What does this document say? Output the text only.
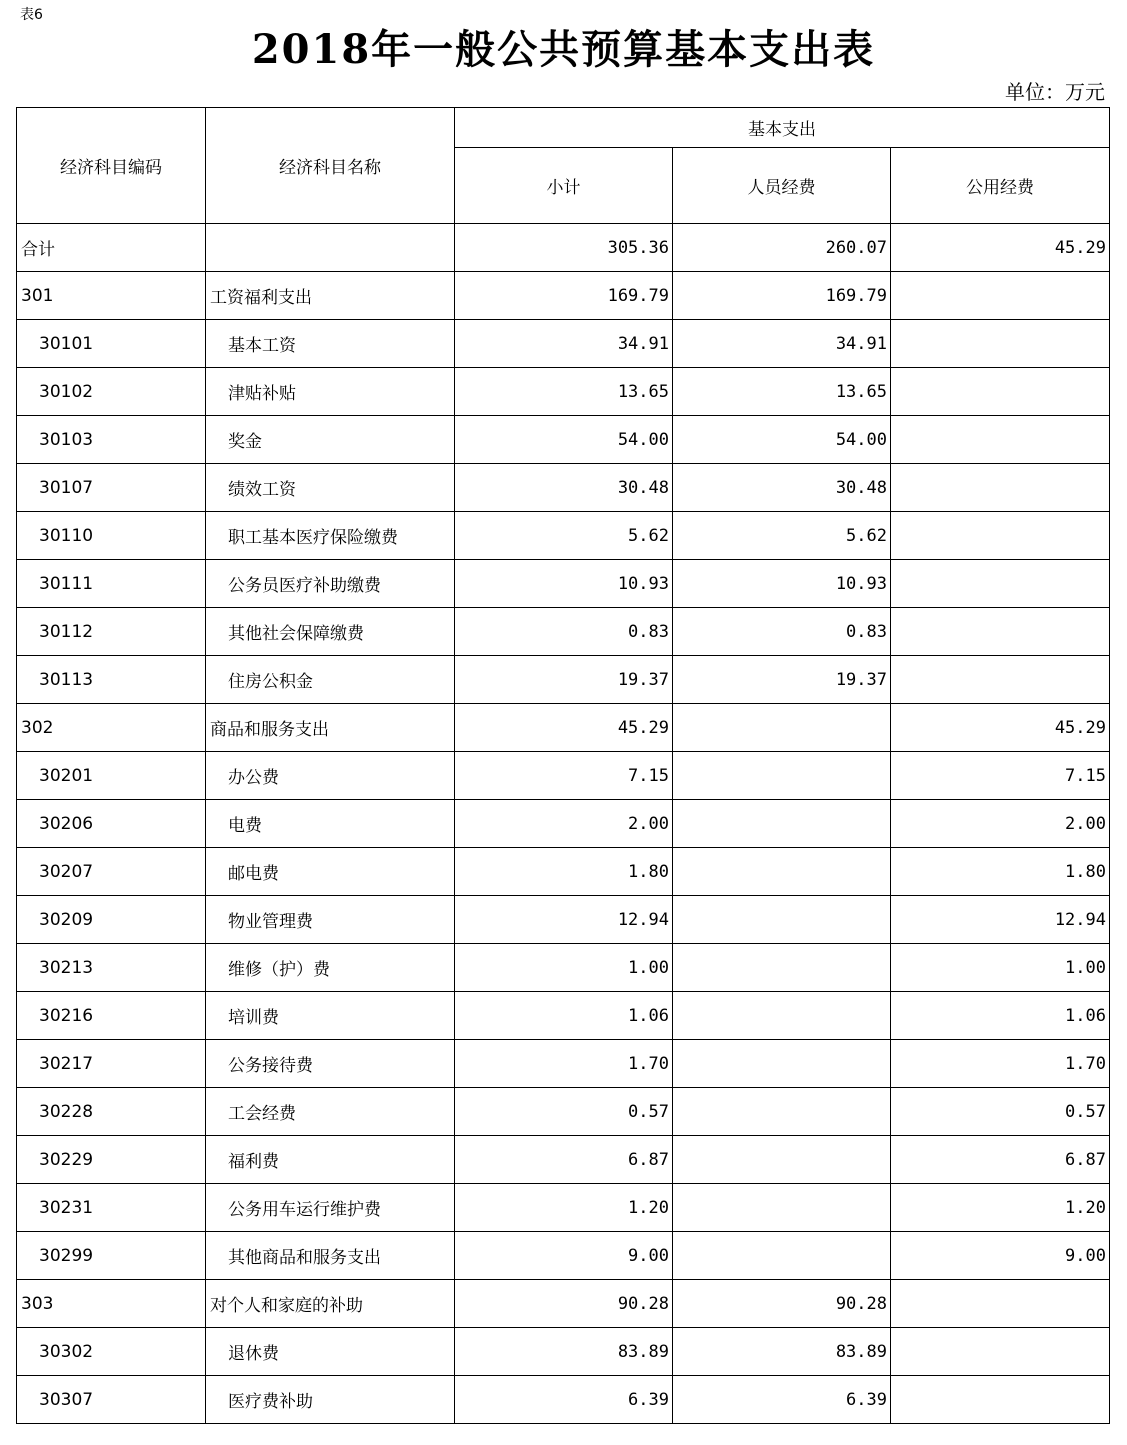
表6
2018年一般公共预算基本支出表
单位：万元
经济科目编码	经济科目名称	基本支出		
		小计	人员经费	公用经费
合计		305.36	260.07	45.29
301	工资福利支出	169.79	169.79	
30101	基本工资	34.91	34.91	
30102	津贴补贴	13.65	13.65	
30103	奖金	54.00	54.00	
30107	绩效工资	30.48	30.48	
30110	职工基本医疗保险缴费	5.62	5.62	
30111	公务员医疗补助缴费	10.93	10.93	
30112	其他社会保障缴费	0.83	0.83	
30113	住房公积金	19.37	19.37	
302	商品和服务支出	45.29		45.29
30201	办公费	7.15		7.15
30206	电费	2.00		2.00
30207	邮电费	1.80		1.80
30209	物业管理费	12.94		12.94
30213	维修（护）费	1.00		1.00
30216	培训费	1.06		1.06
30217	公务接待费	1.70		1.70
30228	工会经费	0.57		0.57
30229	福利费	6.87		6.87
30231	公务用车运行维护费	1.20		1.20
30299	其他商品和服务支出	9.00		9.00
303	对个人和家庭的补助	90.28	90.28	
30302	退休费	83.89	83.89	
30307	医疗费补助	6.39	6.39	
